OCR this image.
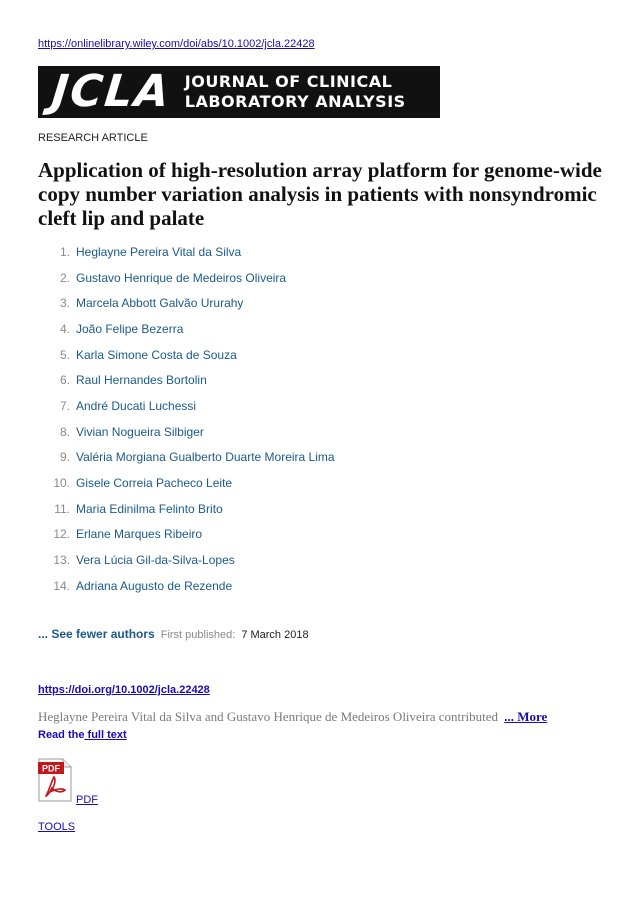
https://onlinelibrary.wiley.com/doi/abs/10.1002/jcla.22428
JCLA JOURNAL OF CLINICAL
LABORATORY ANALYSIS
RESEARCH ARTICLE
Application of high-resolution array platform for genome-wide copy number variation analysis in patients with nonsyndromic cleft lip and palate
1. Heglayne Pereira Vital da Silva
2. Gustavo Henrique de Medeiros Oliveira
3. Marcela Abbott Galvão Ururahy
4. João Felipe Bezerra
5. Karla Simone Costa de Souza
6. Raul Hernandes Bortolin
7. André Ducati Luchessi
8. Vivian Nogueira Silbiger
9. Valéria Morgiana Gualberto Duarte Moreira Lima
10. Gisele Correia Pacheco Leite
11. Maria Edinilma Felinto Brito
12. Erlane Marques Ribeiro
13. Vera Lúcia Gil-da-Silva-Lopes
14. Adriana Augusto de Rezende
... See fewer authors First published: 7 March 2018
https://doi.org/10.1002/jcla.22428
Heglayne Pereira Vital da Silva and Gustavo Henrique de Medeiros Oliveira contributed ... More
Read the full text
PDF
PDF
TOOLS
